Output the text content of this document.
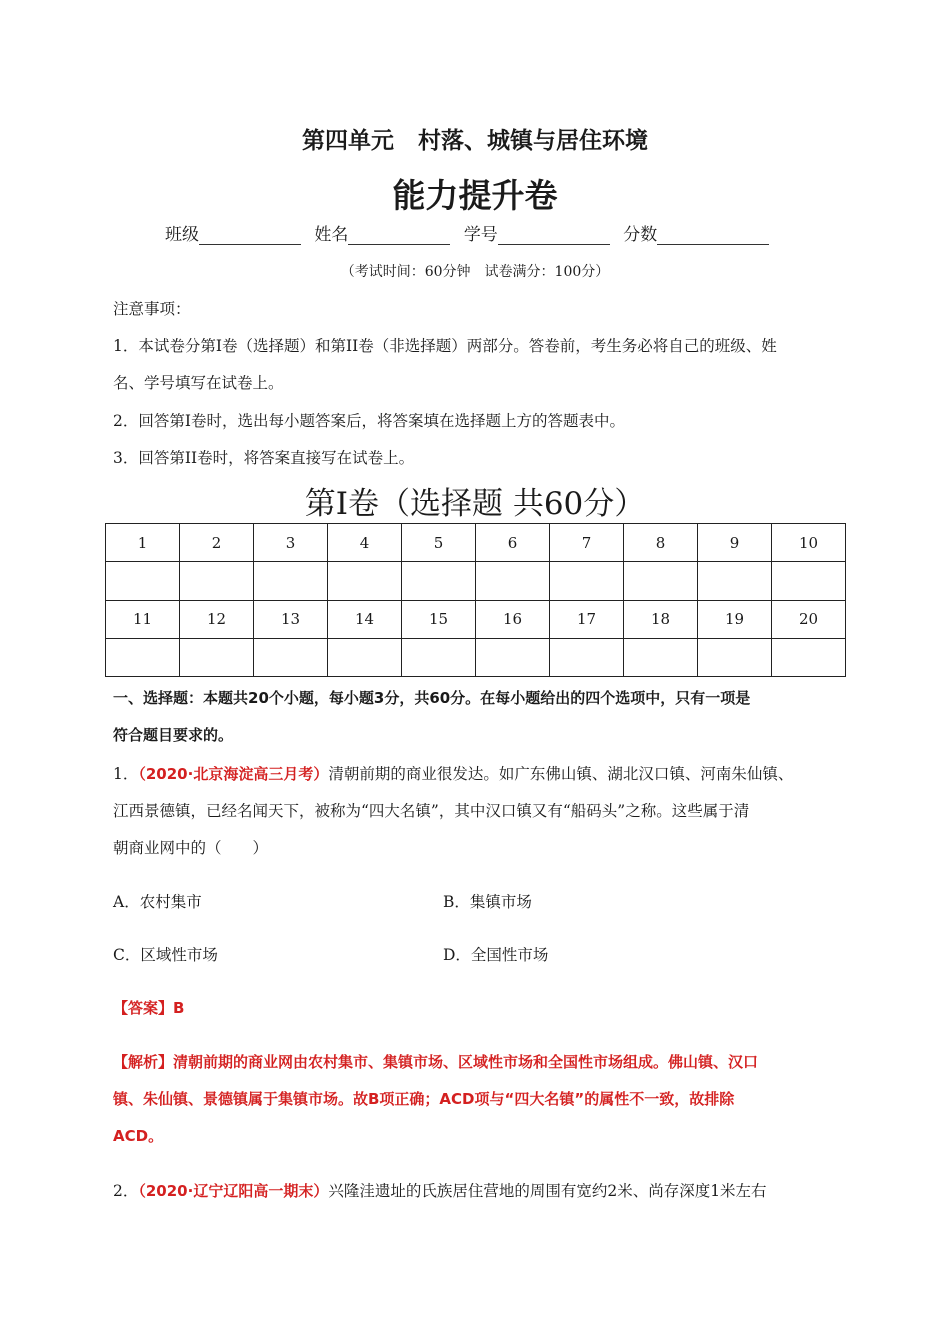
第四单元 村落、城镇与居住环境
能力提升卷
班级	姓名	学号	分数
（考试时间：60分钟　试卷满分：100分）
注意事项：
1．本试卷分第I卷（选择题）和第II卷（非选择题）两部分。答卷前，考生务必将自己的班级、姓
名、学号填写在试卷上。
2．回答第I卷时，选出每小题答案后，将答案填在选择题上方的答题表中。
3．回答第II卷时，将答案直接写在试卷上。
第I卷（选择题 共60分）
1	2	3	4	5	6	7	8	9	10

11	12	13	14	15	16	17	18	19	20

一、选择题：本题共20个小题，每小题3分，共60分。在每小题给出的四个选项中，只有一项是
符合题目要求的。
1．（2020·北京海淀高三月考）清朝前期的商业很发达。如广东佛山镇、湖北汉口镇、河南朱仙镇、
江西景德镇，已经名闻天下，被称为“四大名镇”，其中汉口镇又有“船码头”之称。这些属于清
朝商业网中的（　　）
A．农村集市	B．集镇市场
C．区域性市场	D．全国性市场
【答案】B
【解析】清朝前期的商业网由农村集市、集镇市场、区域性市场和全国性市场组成。佛山镇、汉口
镇、朱仙镇、景德镇属于集镇市场。故B项正确；ACD项与“四大名镇”的属性不一致，故排除
ACD。
2．（2020·辽宁辽阳高一期末）兴隆洼遗址的氏族居住营地的周围有宽约2米、尚存深度1米左右
